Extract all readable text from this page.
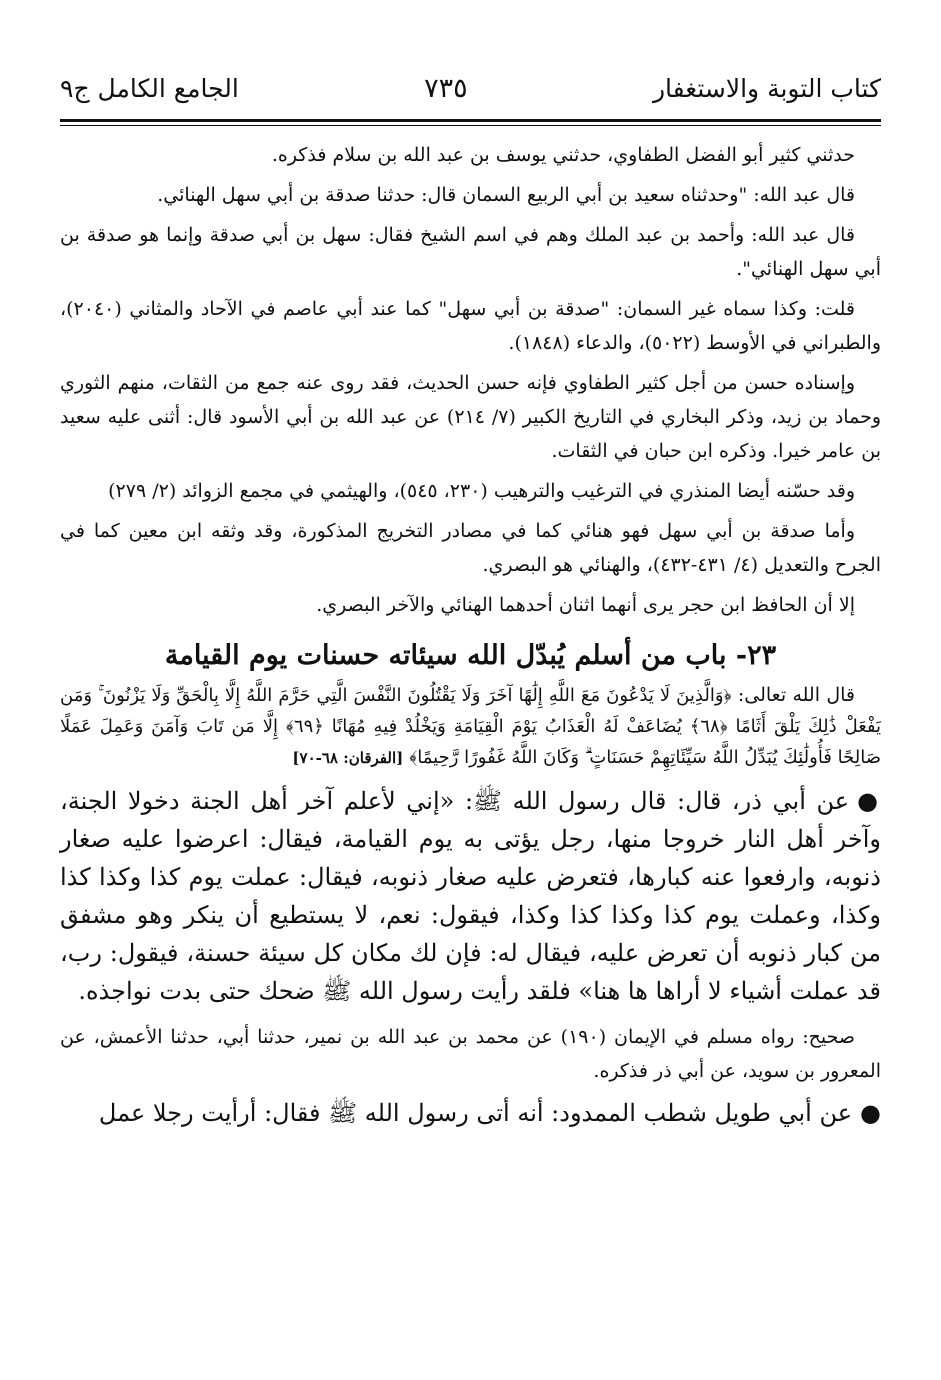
كتاب التوبة والاستغفار
٧٣٥
الجامع الكامل ج٩

حدثني كثير أبو الفضل الطفاوي، حدثني يوسف بن عبد الله بن سلام فذكره.

قال عبد الله: "وحدثناه سعيد بن أبي الربيع السمان قال: حدثنا صدقة بن أبي سهل الهنائي.

قال عبد الله: وأحمد بن عبد الملك وهم في اسم الشيخ فقال: سهل بن أبي صدقة وإنما هو صدقة بن أبي سهل الهنائي".

قلت: وكذا سماه غير السمان: "صدقة بن أبي سهل" كما عند أبي عاصم في الآحاد والمثاني (٢٠٤٠)، والطبراني في الأوسط (٥٠٢٢)، والدعاء (١٨٤٨).

وإسناده حسن من أجل كثير الطفاوي فإنه حسن الحديث، فقد روى عنه جمع من الثقات، منهم الثوري وحماد بن زيد، وذكر البخاري في التاريخ الكبير (٧/ ٢١٤) عن عبد الله بن أبي الأسود قال: أثنى عليه سعيد بن عامر خيرا. وذكره ابن حبان في الثقات.

وقد حسّنه أيضا المنذري في الترغيب والترهيب (٢٣٠، ٥٤٥)، والهيثمي في مجمع الزوائد (٢/ ٢٧٩)

وأما صدقة بن أبي سهل فهو هنائي كما في مصادر التخريج المذكورة، وقد وثقه ابن معين كما في الجرح والتعديل (٤/ ٤٣١-٤٣٢)، والهنائي هو البصري.

إلا أن الحافظ ابن حجر يرى أنهما اثنان أحدهما الهنائي والآخر البصري.

٢٣- باب من أسلم يُبدّل الله سيئاته حسنات يوم القيامة

قال الله تعالى: ﴿وَالَّذِينَ لَا يَدْعُونَ مَعَ اللَّهِ إِلَٰهًا آخَرَ وَلَا يَقْتُلُونَ النَّفْسَ الَّتِي حَرَّمَ اللَّهُ إِلَّا بِالْحَقِّ وَلَا يَزْنُونَ ۚ وَمَن يَفْعَلْ ذَٰلِكَ يَلْقَ أَثَامًا ﴿٦٨﴾ يُضَاعَفْ لَهُ الْعَذَابُ يَوْمَ الْقِيَامَةِ وَيَخْلُدْ فِيهِ مُهَانًا ﴿٦٩﴾ إِلَّا مَن تَابَ وَآمَنَ وَعَمِلَ عَمَلًا صَالِحًا فَأُولَٰئِكَ يُبَدِّلُ اللَّهُ سَيِّئَاتِهِمْ حَسَنَاتٍ ۗ وَكَانَ اللَّهُ غَفُورًا رَّحِيمًا﴾ [الفرقان: ٦٨-٧٠]

●عن أبي ذر، قال: قال رسول الله ﷺ: «إني لأعلم آخر أهل الجنة دخولا الجنة، وآخر أهل النار خروجا منها، رجل يؤتى به يوم القيامة، فيقال: اعرضوا عليه صغار ذنوبه، وارفعوا عنه كبارها، فتعرض عليه صغار ذنوبه، فيقال: عملت يوم كذا وكذا كذا وكذا، وعملت يوم كذا وكذا كذا وكذا، فيقول: نعم، لا يستطيع أن ينكر وهو مشفق من كبار ذنوبه أن تعرض عليه، فيقال له: فإن لك مكان كل سيئة حسنة، فيقول: رب، قد عملت أشياء لا أراها ها هنا» فلقد رأيت رسول الله ﷺ ضحك حتى بدت نواجذه.

صحيح: رواه مسلم في الإيمان (١٩٠) عن محمد بن عبد الله بن نمير، حدثنا أبي، حدثنا الأعمش، عن المعرور بن سويد، عن أبي ذر فذكره.

●عن أبي طويل شطب الممدود: أنه أتى رسول الله ﷺ فقال: أرأيت رجلا عمل
